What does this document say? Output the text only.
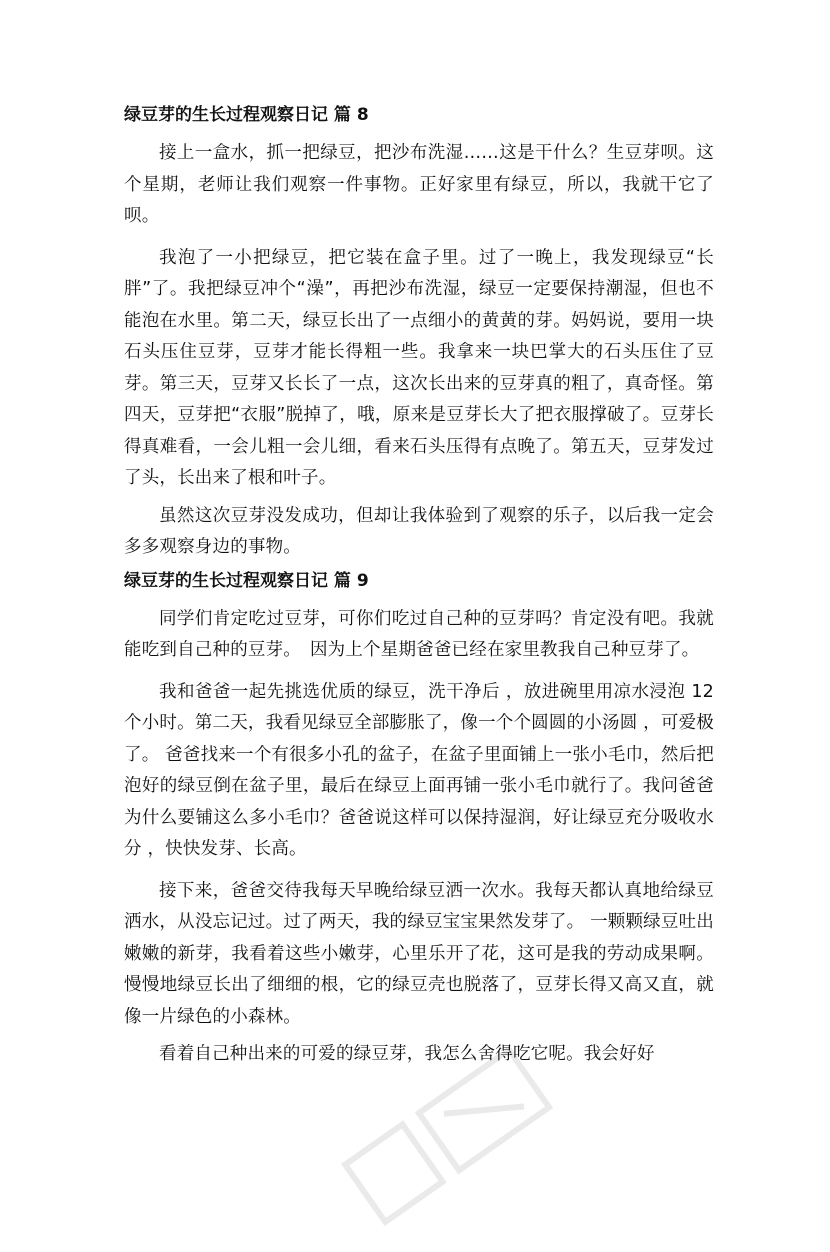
绿豆芽的生长过程观察日记 篇 8

接上一盒水，抓一把绿豆，把沙布洗湿……这是干什么？生豆芽呗。这个星期，老师让我们观察一件事物。正好家里有绿豆，所以，我就干它了呗。

我泡了一小把绿豆，把它装在盒子里。过了一晚上，我发现绿豆“长胖”了。我把绿豆冲个“澡”，再把沙布洗湿，绿豆一定要保持潮湿，但也不能泡在水里。第二天，绿豆长出了一点细小的黄黄的芽。妈妈说，要用一块石头压住豆芽，豆芽才能长得粗一些。我拿来一块巴掌大的石头压住了豆芽。第三天，豆芽又长长了一点，这次长出来的豆芽真的粗了，真奇怪。第四天，豆芽把“衣服”脱掉了，哦，原来是豆芽长大了把衣服撑破了。豆芽长得真难看，一会儿粗一会儿细，看来石头压得有点晚了。第五天，豆芽发过了头，长出来了根和叶子。

虽然这次豆芽没发成功，但却让我体验到了观察的乐子，以后我一定会多多观察身边的事物。

绿豆芽的生长过程观察日记 篇 9

同学们肯定吃过豆芽，可你们吃过自己种的豆芽吗？肯定没有吧。我就能吃到自己种的豆芽。　因为上个星期爸爸已经在家里教我自己种豆芽了。

我和爸爸一起先挑选优质的绿豆，洗干净后 ，放进碗里用凉水浸泡 12 个小时。第二天，我看见绿豆全部膨胀了，像一个个圆圆的小汤圆 ，可爱极了。 爸爸找来一个有很多小孔的盆子，在盆子里面铺上一张小毛巾，然后把泡好的绿豆倒在盆子里，最后在绿豆上面再铺一张小毛巾就行了。我问爸爸为什么要铺这么多小毛巾？爸爸说这样可以保持湿润，好让绿豆充分吸收水分 ，快快发芽、长高。

接下来，爸爸交待我每天早晚给绿豆洒一次水。我每天都认真地给绿豆洒水，从没忘记过。过了两天，我的绿豆宝宝果然发芽了。 一颗颗绿豆吐出嫩嫩的新芽，我看着这些小嫩芽，心里乐开了花，这可是我的劳动成果啊。慢慢地绿豆长出了细细的根，它的绿豆壳也脱落了，豆芽长得又高又直，就像一片绿色的小森林。

看着自己种出来的可爱的绿豆芽，我怎么舍得吃它呢。我会好好
